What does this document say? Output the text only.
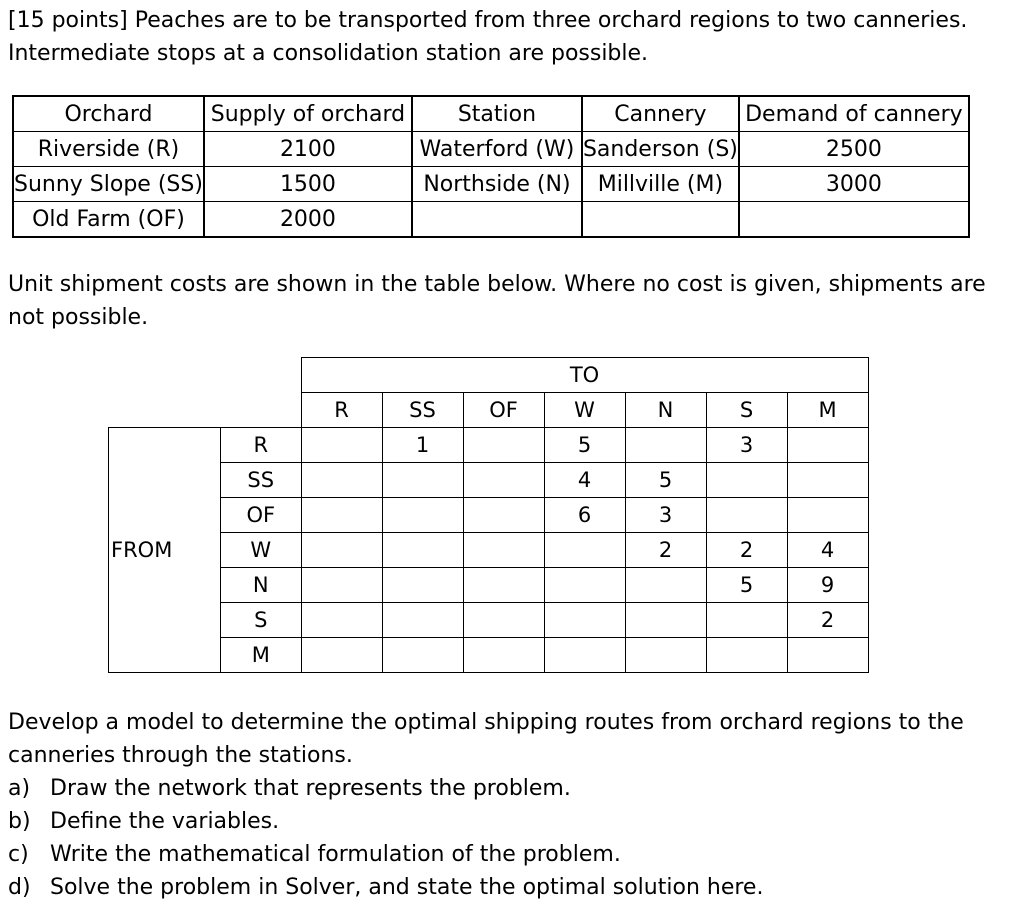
[15 points] Peaches are to be transported from three orchard regions to two canneries. Intermediate stops at a consolidation station are possible.

Orchard	Supply of orchard	Station	Cannery	Demand of cannery
Riverside (R)	2100	Waterford (W)	Sanderson (S)	2500
Sunny Slope (SS)	1500	Northside (N)	Millville (M)	3000
Old Farm (OF)	2000			

Unit shipment costs are shown in the table below. Where no cost is given, shipments are not possible.

		TO						
		R	SS	OF	W	N	S	M
FROM	R		1		5		3	
	SS				4	5		
	OF				6	3		
	W					2	2	4
	N						5	9
	S							2
	M							

Develop a model to determine the optimal shipping routes from orchard regions to the canneries through the stations.

a) Draw the network that represents the problem.
b) Define the variables.
c) Write the mathematical formulation of the problem.
d) Solve the problem in Solver, and state the optimal solution here.
